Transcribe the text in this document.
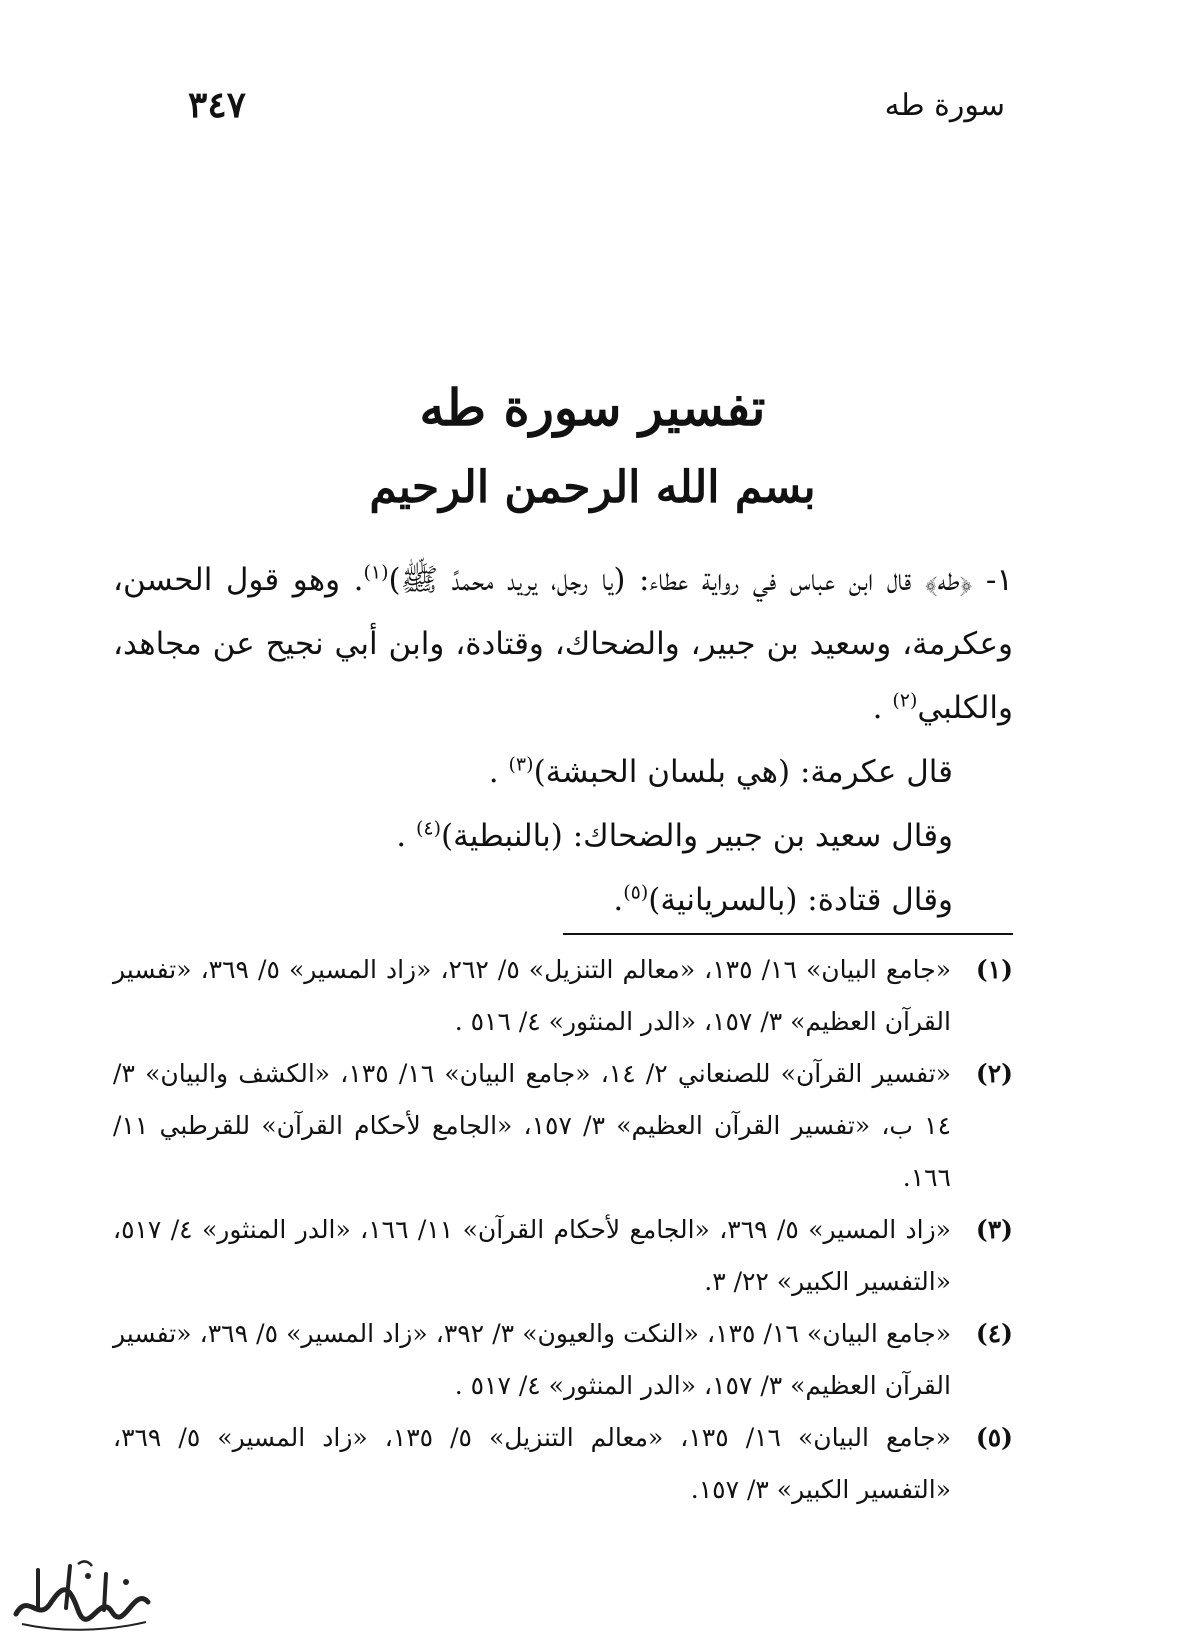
سورة طه
٣٤٧
تفسير سورة طه
بسم الله الرحمن الرحيم

١- ﴿طه﴾ قال ابن عباس في رواية عطاء: (يا رجل، يريد محمدً ﷺ)$^{(١)}$. وهو قول الحسن، وعكرمة، وسعيد بن جبير، والضحاك، وقتادة، وابن أبي نجيح عن مجاهد، والكلبي$^{(٢)}$ .

قال عكرمة: (هي بلسان الحبشة)$^{(٣)}$ .

وقال سعيد بن جبير والضحاك: (بالنبطية)$^{(٤)}$ .

وقال قتادة: (بالسريانية)$^{(٥)}$.

(١)
«جامع البيان» ١٦/ ١٣٥، «معالم التنزيل» ٥/ ٢٦٢، «زاد المسير» ٥/ ٣٦٩، «تفسير القرآن العظيم» ٣/ ١٥٧، «الدر المنثور» ٤/ ٥١٦ .

(٢)
«تفسير القرآن» للصنعاني ٢/ ١٤، «جامع البيان» ١٦/ ١٣٥، «الكشف والبيان» ٣/ ١٤ ب، «تفسير القرآن العظيم» ٣/ ١٥٧، «الجامع لأحكام القرآن» للقرطبي ١١/ ١٦٦.

(٣)
«زاد المسير» ٥/ ٣٦٩، «الجامع لأحكام القرآن» ١١/ ١٦٦، «الدر المنثور» ٤/ ٥١٧، «التفسير الكبير» ٢٢/ ٣.

(٤)
«جامع البيان» ١٦/ ١٣٥، «النكت والعيون» ٣/ ٣٩٢، «زاد المسير» ٥/ ٣٦٩، «تفسير القرآن العظيم» ٣/ ١٥٧، «الدر المنثور» ٤/ ٥١٧ .

(٥)
«جامع البيان» ١٦/ ١٣٥، «معالم التنزيل» ٥/ ١٣٥، «زاد المسير» ٥/ ٣٦٩، «التفسير الكبير» ٣/ ١٥٧.
